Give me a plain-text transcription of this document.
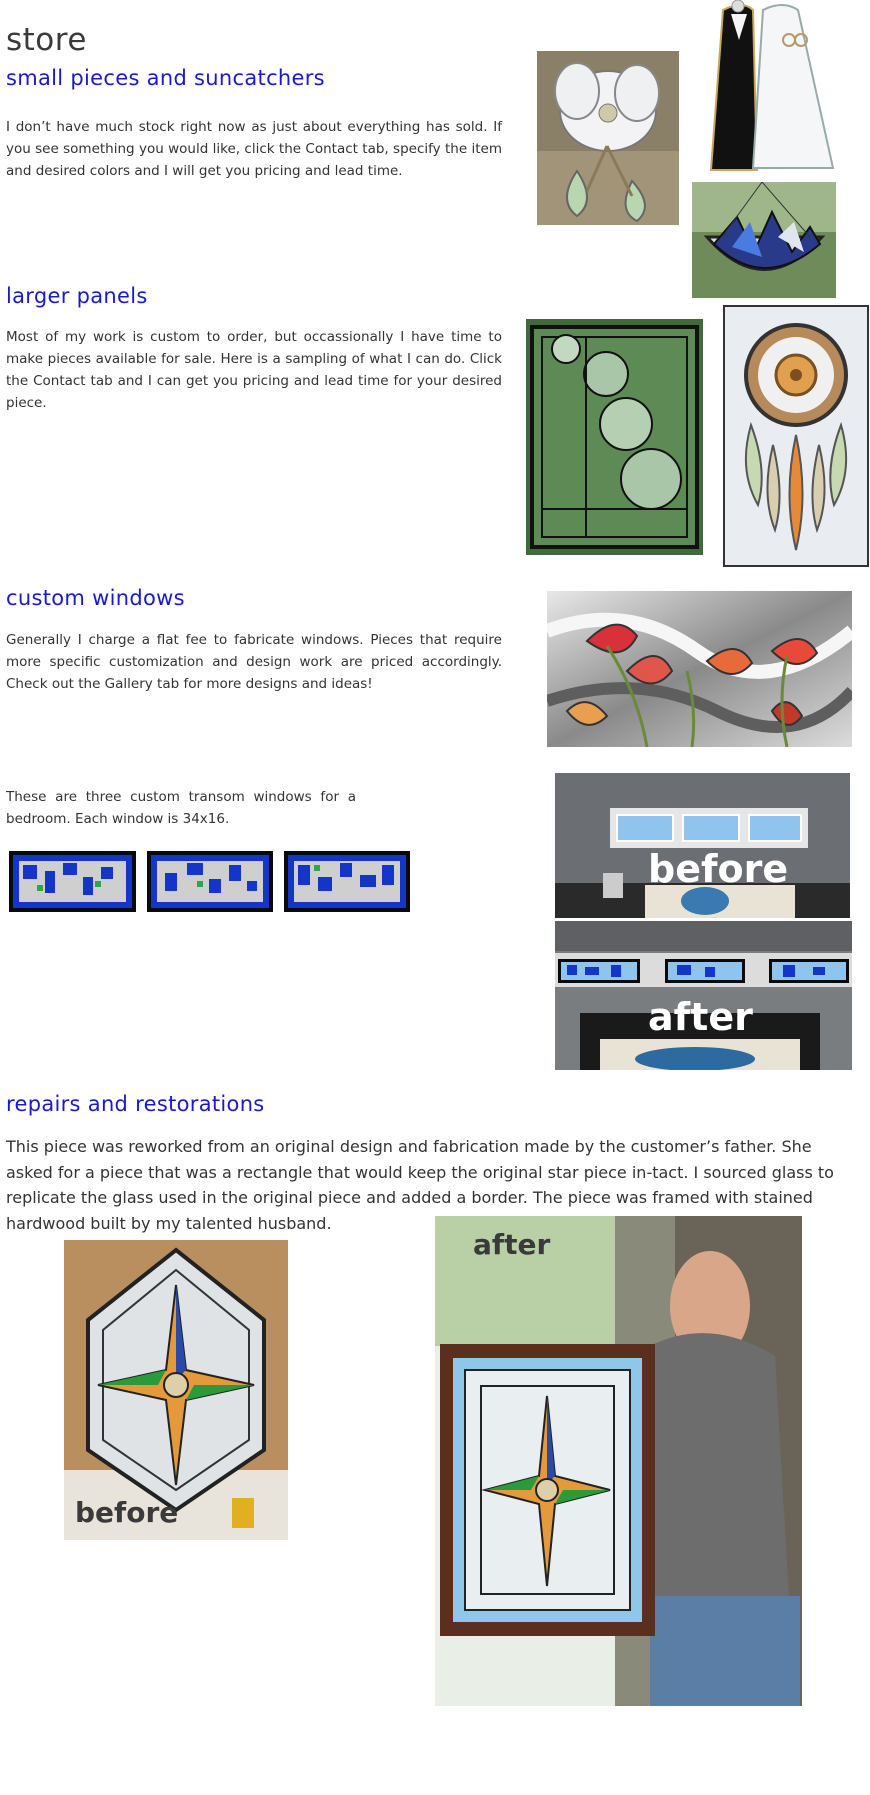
store
small pieces and suncatchers

I don’t have much stock right now as just about everything has sold. If you see something you would like, click the Contact tab, specify the item and desired colors and I will get you pricing and lead time.

larger panels

Most of my work is custom to order, but occassionally I have time to make pieces available for sale. Here is a sampling of what I can do. Click the Contact tab and I can get you pricing and lead time for your desired piece.

custom windows

Generally I charge a flat fee to fabricate windows. Pieces that require more specific customization and design work are priced accordingly. Check out the Gallery tab for more designs and ideas!

These are three custom transom windows for a bedroom. Each window is 34x16.

before
after
repairs and restorations

This piece was reworked from an original design and fabrication made by the customer’s father. She asked for a piece that was a rectangle that would keep the original star piece in-tact. I sourced glass to replicate the glass used in the original piece and added a border. The piece was framed with stained hardwood built by my talented husband.

before
after
